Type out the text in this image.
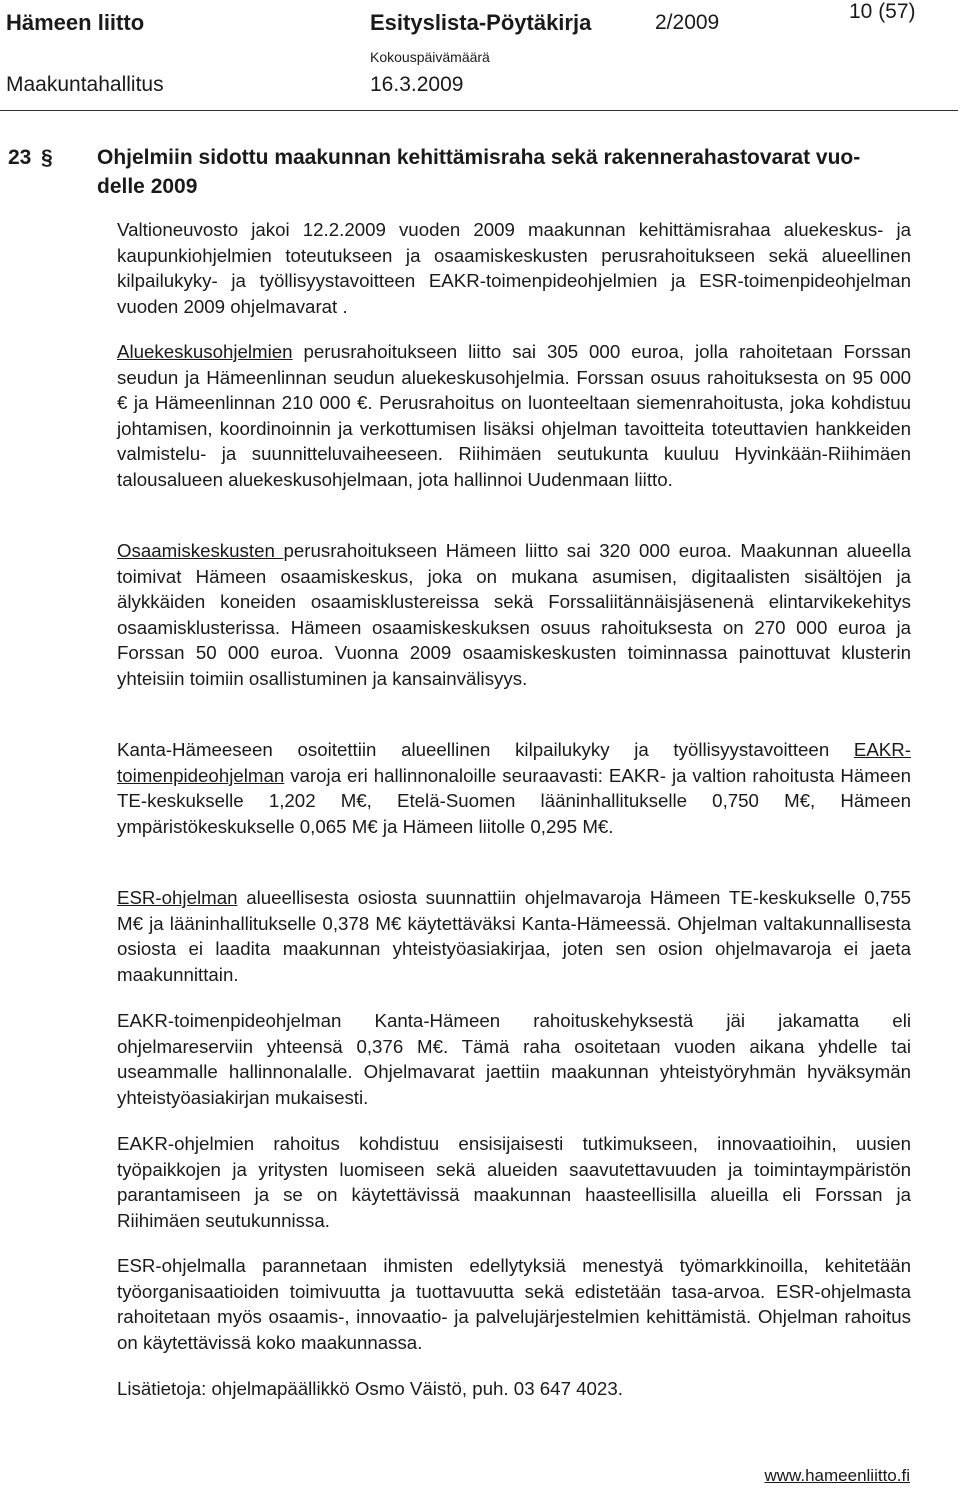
Hämeen liitto	Esityslista-Pöytäkirja	2/2009	10 (57)
Kokouspäivämäärä
Maakuntahallitus	16.3.2009
23 § Ohjelmiin sidottu maakunnan kehittämisraha sekä rakennerahastovarat vuo-
delle 2009

Valtioneuvosto jakoi 12.2.2009 vuoden 2009 maakunnan kehittämisrahaa aluekeskus- ja kaupunkiohjelmien toteutukseen ja osaamiskeskusten perusrahoitukseen sekä alueellinen kilpailukyky- ja työllisyystavoitteen EAKR-toimenpideohjelmien ja ESR-toimenpideohjelman vuoden 2009 ohjelmavarat .

Aluekeskusohjelmien perusrahoitukseen liitto sai 305 000 euroa, jolla rahoitetaan Forssan seudun ja Hämeenlinnan seudun aluekeskusohjelmia. Forssan osuus rahoituksesta on 95 000 € ja Hämeenlinnan 210 000 €. Perusrahoitus on luonteeltaan siemenrahoitusta, joka kohdistuu johtamisen, koordinoinnin ja verkottumisen lisäksi ohjelman tavoitteita toteuttavien hankkeiden valmistelu- ja suunnitteluvaiheeseen. Riihimäen seutukunta kuuluu Hyvinkään-Riihimäen talousalueen aluekeskusohjelmaan, jota hallinnoi Uudenmaan liitto.

Osaamiskeskusten perusrahoitukseen Hämeen liitto sai 320 000 euroa. Maakunnan alueella toimivat Hämeen osaamiskeskus, joka on mukana asumisen, digitaalisten sisältöjen ja älykkäiden koneiden osaamisklustereissa sekä Forssaliitännäisjäsenenä elintarvikekehitys osaamisklusterissa. Hämeen osaamiskeskuksen osuus rahoituksesta on 270 000 euroa ja Forssan 50 000 euroa. Vuonna 2009 osaamiskeskusten toiminnassa painottuvat klusterin yhteisiin toimiin osallistuminen ja kansainvälisyys.

Kanta-Hämeeseen osoitettiin alueellinen kilpailukyky ja työllisyystavoitteen EAKR-toimenpideohjelman varoja eri hallinnonaloille seuraavasti: EAKR- ja valtion rahoitusta Hämeen TE-keskukselle 1,202 M€, Etelä-Suomen lääninhallitukselle 0,750 M€, Hämeen ympäristökeskukselle 0,065 M€ ja Hämeen liitolle 0,295 M€.

ESR-ohjelman alueellisesta osiosta suunnattiin ohjelmavaroja Hämeen TE-keskukselle 0,755 M€ ja lääninhallitukselle 0,378 M€ käytettäväksi Kanta-Hämeessä. Ohjelman valtakunnallisesta osiosta ei laadita maakunnan yhteistyöasiakirjaa, joten sen osion ohjelmavaroja ei jaeta maakunnittain.

EAKR-toimenpideohjelman Kanta-Hämeen rahoituskehyksestä jäi jakamatta eli ohjelmareserviin yhteensä 0,376 M€. Tämä raha osoitetaan vuoden aikana yhdelle tai useammalle hallinnonalalle. Ohjelmavarat jaettiin maakunnan yhteistyöryhmän hyväksymän yhteistyöasiakirjan mukaisesti.

EAKR-ohjelmien rahoitus kohdistuu ensisijaisesti tutkimukseen, innovaatioihin, uusien työpaikkojen ja yritysten luomiseen sekä alueiden saavutettavuuden ja toimintaympäristön parantamiseen ja se on käytettävissä maakunnan haasteellisilla alueilla eli Forssan ja Riihimäen seutukunnissa.

ESR-ohjelmalla parannetaan ihmisten edellytyksiä menestyä työmarkkinoilla, kehitetään työorganisaatioiden toimivuutta ja tuottavuutta sekä edistetään tasa-arvoa. ESR-ohjelmasta rahoitetaan myös osaamis-, innovaatio- ja palvelujärjestelmien kehittämistä. Ohjelman rahoitus on käytettävissä koko maakunnassa.

Lisätietoja: ohjelmapäällikkö Osmo Väistö, puh. 03 647 4023.

www.hameenliitto.fi
